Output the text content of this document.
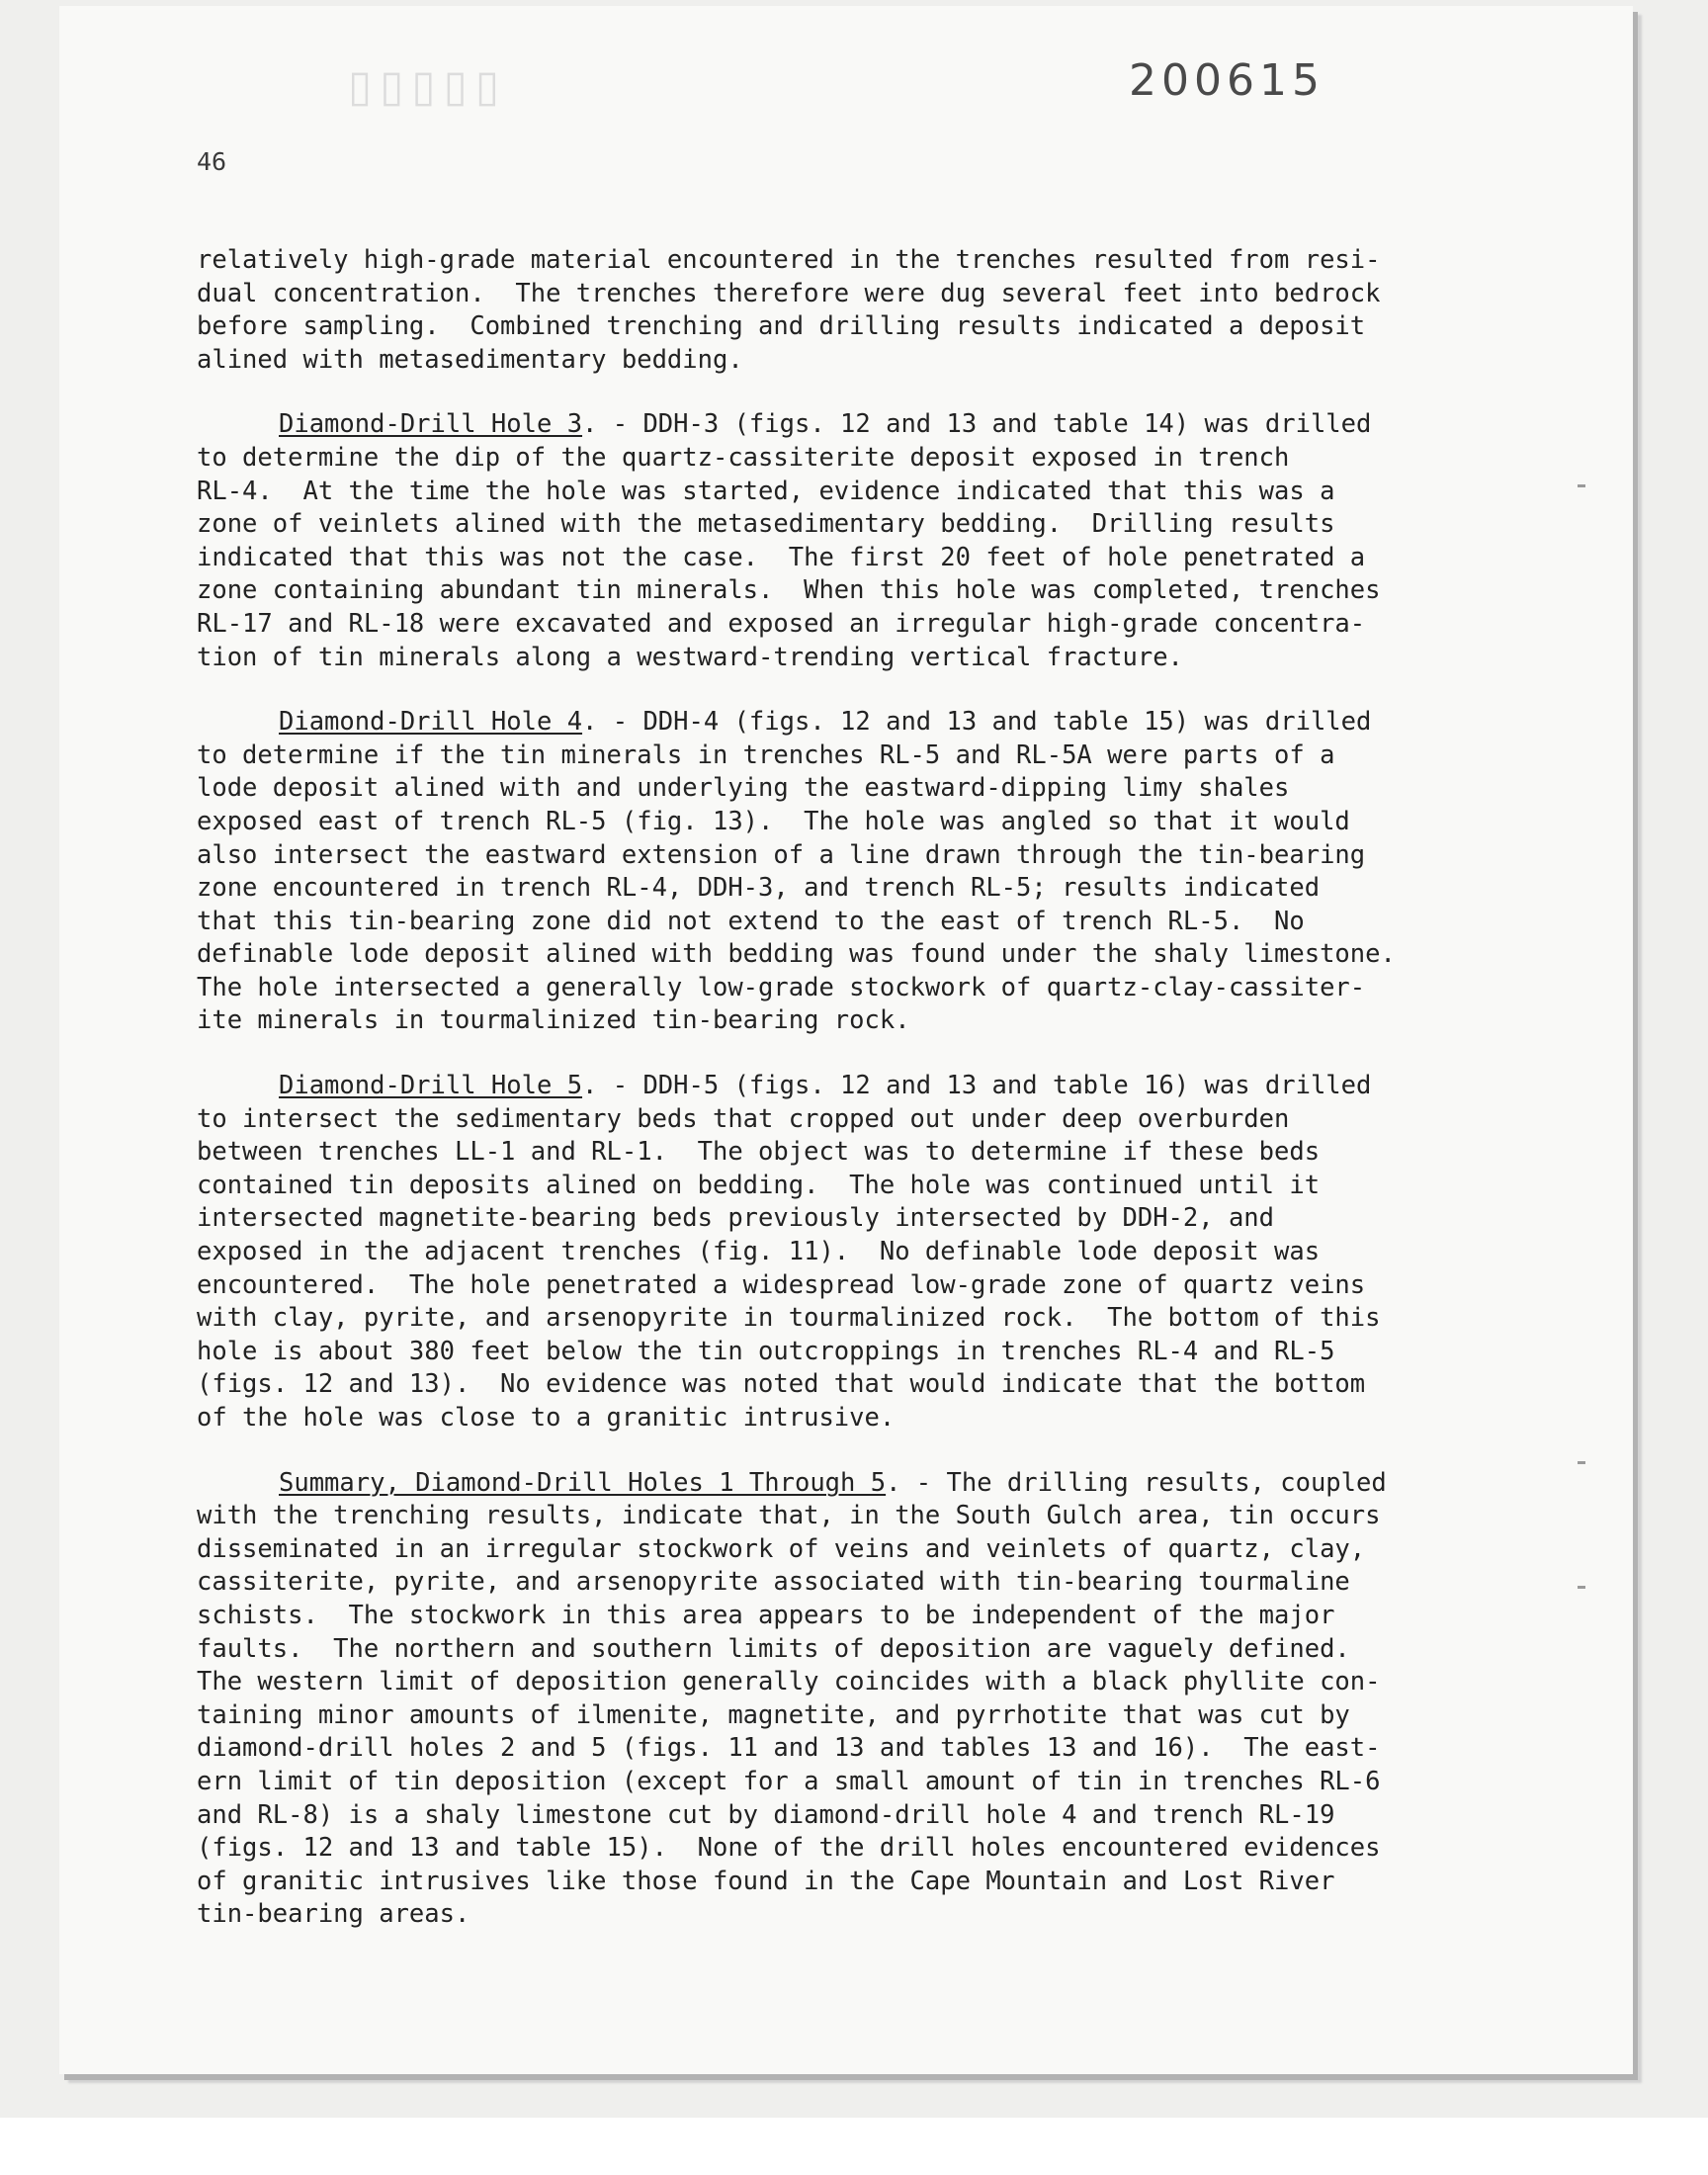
▯▯▯▯▯	200615
46
relatively high-grade material encountered in the trenches resulted from resi-
dual concentration.  The trenches therefore were dug several feet into bedrock
before sampling.  Combined trenching and drilling results indicated a deposit
alined with metasedimentary bedding.
Diamond-Drill Hole 3. - DDH-3 (figs. 12 and 13 and table 14) was drilled
to determine the dip of the quartz-cassiterite deposit exposed in trench
RL-4.  At the time the hole was started, evidence indicated that this was a
zone of veinlets alined with the metasedimentary bedding.  Drilling results
indicated that this was not the case.  The first 20 feet of hole penetrated a
zone containing abundant tin minerals.  When this hole was completed, trenches
RL-17 and RL-18 were excavated and exposed an irregular high-grade concentra-
tion of tin minerals along a westward-trending vertical fracture.
Diamond-Drill Hole 4. - DDH-4 (figs. 12 and 13 and table 15) was drilled
to determine if the tin minerals in trenches RL-5 and RL-5A were parts of a
lode deposit alined with and underlying the eastward-dipping limy shales
exposed east of trench RL-5 (fig. 13).  The hole was angled so that it would
also intersect the eastward extension of a line drawn through the tin-bearing
zone encountered in trench RL-4, DDH-3, and trench RL-5; results indicated
that this tin-bearing zone did not extend to the east of trench RL-5.  No
definable lode deposit alined with bedding was found under the shaly limestone.
The hole intersected a generally low-grade stockwork of quartz-clay-cassiter-
ite minerals in tourmalinized tin-bearing rock.
Diamond-Drill Hole 5. - DDH-5 (figs. 12 and 13 and table 16) was drilled
to intersect the sedimentary beds that cropped out under deep overburden
between trenches LL-1 and RL-1.  The object was to determine if these beds
contained tin deposits alined on bedding.  The hole was continued until it
intersected magnetite-bearing beds previously intersected by DDH-2, and
exposed in the adjacent trenches (fig. 11).  No definable lode deposit was
encountered.  The hole penetrated a widespread low-grade zone of quartz veins
with clay, pyrite, and arsenopyrite in tourmalinized rock.  The bottom of this
hole is about 380 feet below the tin outcroppings in trenches RL-4 and RL-5
(figs. 12 and 13).  No evidence was noted that would indicate that the bottom
of the hole was close to a granitic intrusive.
Summary, Diamond-Drill Holes 1 Through 5. - The drilling results, coupled
with the trenching results, indicate that, in the South Gulch area, tin occurs
disseminated in an irregular stockwork of veins and veinlets of quartz, clay,
cassiterite, pyrite, and arsenopyrite associated with tin-bearing tourmaline
schists.  The stockwork in this area appears to be independent of the major
faults.  The northern and southern limits of deposition are vaguely defined.
The western limit of deposition generally coincides with a black phyllite con-
taining minor amounts of ilmenite, magnetite, and pyrrhotite that was cut by
diamond-drill holes 2 and 5 (figs. 11 and 13 and tables 13 and 16).  The east-
ern limit of tin deposition (except for a small amount of tin in trenches RL-6
and RL-8) is a shaly limestone cut by diamond-drill hole 4 and trench RL-19
(figs. 12 and 13 and table 15).  None of the drill holes encountered evidences
of granitic intrusives like those found in the Cape Mountain and Lost River
tin-bearing areas.
